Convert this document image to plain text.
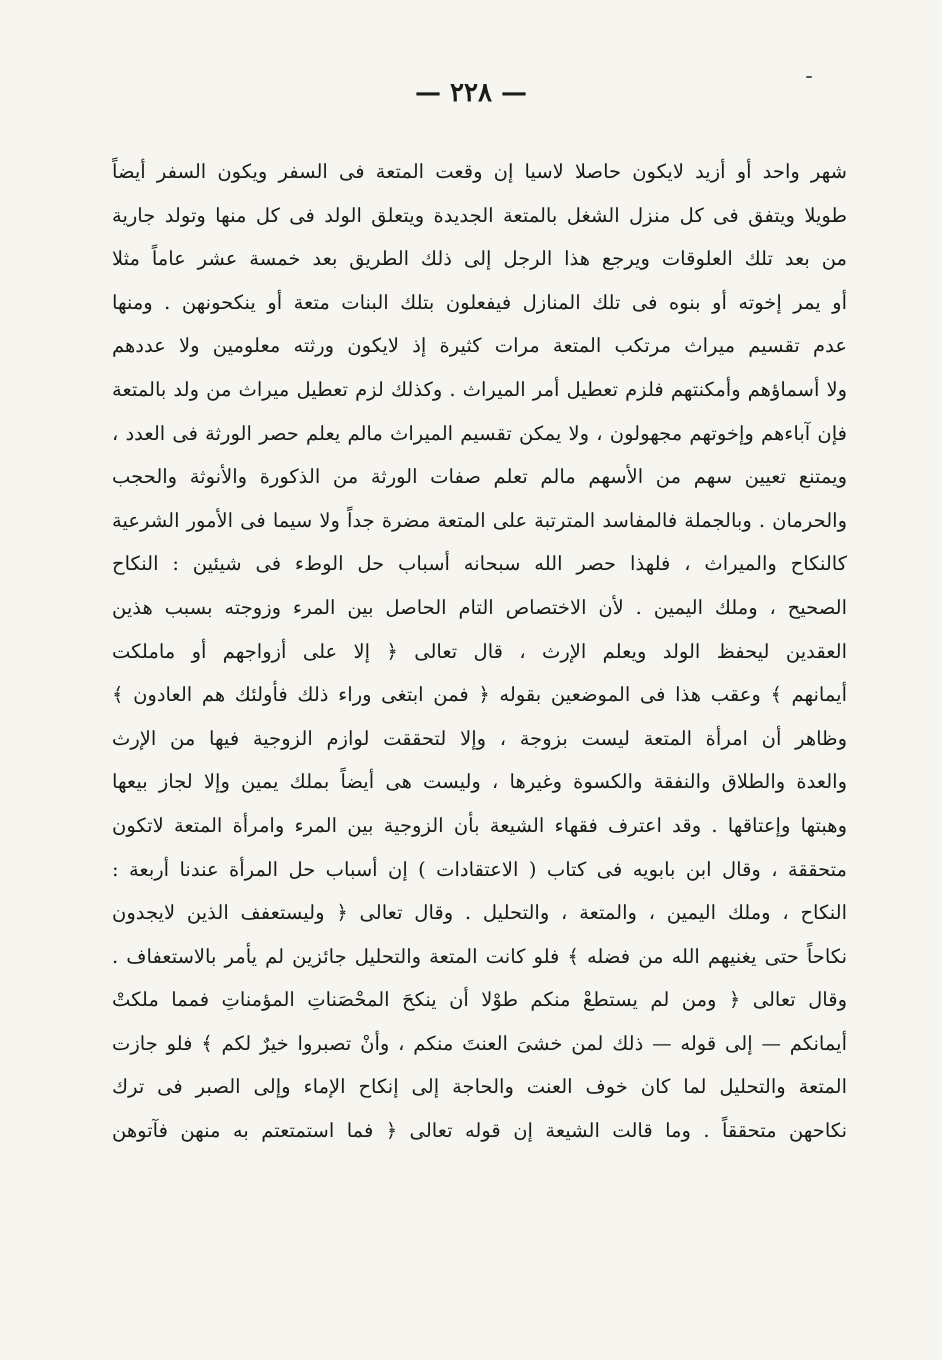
— ٢٢٨ —
شهر واحد أو أزيد لايكون حاصلا لاسيا إن وقعت المتعة فى السفر ويكون السفر أيضاً
طويلا ويتفق فى كل منزل الشغل بالمتعة الجديدة ويتعلق الولد فى كل منها وتولد جارية
من بعد تلك العلوقات ويرجع هذا الرجل إلى ذلك الطريق بعد خمسة عشر عاماً مثلا
أو يمر إخوته أو بنوه فى تلك المنازل فيفعلون بتلك البنات متعة أو ينكحونهن . ومنها
عدم تقسيم ميراث مرتكب المتعة مرات كثيرة إذ لايكون ورثته معلومين ولا عددهم
ولا أسماؤهم وأمكنتهم فلزم تعطيل أمر الميراث . وكذلك لزم تعطيل ميراث من ولد بالمتعة
فإن آباءهم وإخوتهم مجهولون ، ولا يمكن تقسيم الميراث مالم يعلم حصر الورثة فى العدد ،
ويمتنع تعيين سهم من الأسهم مالم تعلم صفات الورثة من الذكورة والأنوثة والحجب
والحرمان . وبالجملة فالمفاسد المترتبة على المتعة مضرة جداً ولا سيما فى الأمور الشرعية
كالنكاح والميراث ، فلهذا حصر الله سبحانه أسباب حل الوطء فى شيئين : النكاح
الصحيح ، وملك اليمين . لأن الاختصاص التام الحاصل بين المرء وزوجته بسبب هذين
العقدين ليحفظ الولد ويعلم الإرث ، قال تعالى ﴿ إلا على أزواجهم أو ماملكت
أيمانهم ﴾ وعقب هذا فى الموضعين بقوله ﴿ فمن ابتغى وراء ذلك فأولئك هم العادون ﴾
وظاهر أن امرأة المتعة ليست بزوجة ، وإلا لتحققت لوازم الزوجية فيها من الإرث
والعدة والطلاق والنفقة والكسوة وغيرها ، وليست هى أيضاً بملك يمين وإلا لجاز بيعها
وهبتها وإعتاقها . وقد اعترف فقهاء الشيعة بأن الزوجية بين المرء وامرأة المتعة لاتكون
متحققة ، وقال ابن بابويه فى كتاب ( الاعتقادات ) إن أسباب حل المرأة عندنا أربعة :
النكاح ، وملك اليمين ، والمتعة ، والتحليل . وقال تعالى ﴿ وليستعفف الذين لايجدون
نكاحاً حتى يغنيهم الله من فضله ﴾ فلو كانت المتعة والتحليل جائزين لم يأمر بالاستعفاف .
وقال تعالى ﴿ ومن لم يستطعْ منكم طوْلا أن ينكحَ المحْصَناتِ المؤمناتِ فمما ملكتْ
أيمانكم — إلى قوله — ذلك لمن خشىَ العنتَ منكم ، وأنْ تصبروا خيرٌ لكم ﴾ فلو جازت
المتعة والتحليل لما كان خوف العنت والحاجة إلى إنكاح الإماء وإلى الصبر فى ترك
نكاحهن متحققاً . وما قالت الشيعة إن قوله تعالى ﴿ فما استمتعتم به منهن فآتوهن
